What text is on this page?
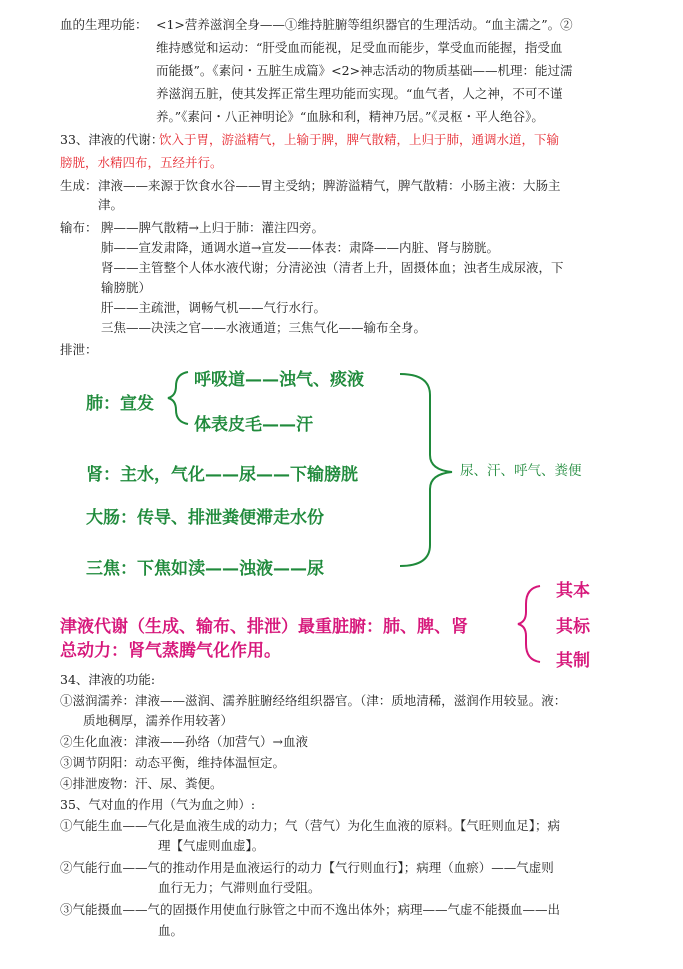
血的生理功能： <1>营养滋润全身——①维持脏腑等组织器官的生理活动。“血主濡之”。②
维持感觉和运动：“肝受血而能视，足受血而能步，掌受血而能握，指受血
而能摄”。《素问・五脏生成篇》<2>神志活动的物质基础——机理：能过濡
养滋润五脏，使其发挥正常生理功能而实现。“血气者，人之神，不可不谨
养。”《素问・八正神明论》“血脉和利，精神乃居。”《灵枢・平人绝谷》。
33、津液的代谢：
饮入于胃，游溢精气，上输于脾，脾气散精，上归于肺，通调水道，下输
膀胱，水精四布，五经并行。
生成： 津液——来源于饮食水谷——胃主受纳；脾游溢精气，脾气散精：小肠主液：大肠主
津。
输布： 脾——脾气散精→上归于肺：灌注四旁。
肺——宣发肃降，通调水道→宣发——体表：肃降——内脏、肾与膀胱。
肾——主管整个人体水液代谢；分清泌浊（清者上升，固摄体血；浊者生成尿液，下
输膀胱）
肝——主疏泄，调畅气机——气行水行。
三焦——决渎之官——水液通道；三焦气化——输布全身。
排泄：
肺：宣发
呼吸道——浊气、痰液
体表皮毛——汗
肾：主水，气化——尿——下输膀胱
大肠：传导、排泄粪便滞走水份
三焦：下焦如渎——浊液——尿
尿、汗、呼气、粪便
津液代谢（生成、输布、排泄）最重脏腑：肺、脾、肾
总动力：肾气蒸腾气化作用。
其本
其标
其制
34、津液的功能:
①滋润濡养：津液——滋润、濡养脏腑经络组织器官。（津：质地清稀，滋润作用较显。液：
质地稠厚，濡养作用较著）
②生化血液：津液——孙络（加营气）→血液
③调节阴阳：动态平衡，维持体温恒定。
④排泄废物：汗、尿、粪便。
35、气对血的作用（气为血之帅）:
①气能生血——气化是血液生成的动力；气（营气）为化生血液的原料。【气旺则血足】；病
理【气虚则血虚】。
②气能行血——气的推动作用是血液运行的动力【气行则血行】；病理（血瘀）——气虚则
血行无力；气滞则血行受阻。
③气能摄血——气的固摄作用使血行脉管之中而不逸出体外；病理——气虚不能摄血——出
血。
